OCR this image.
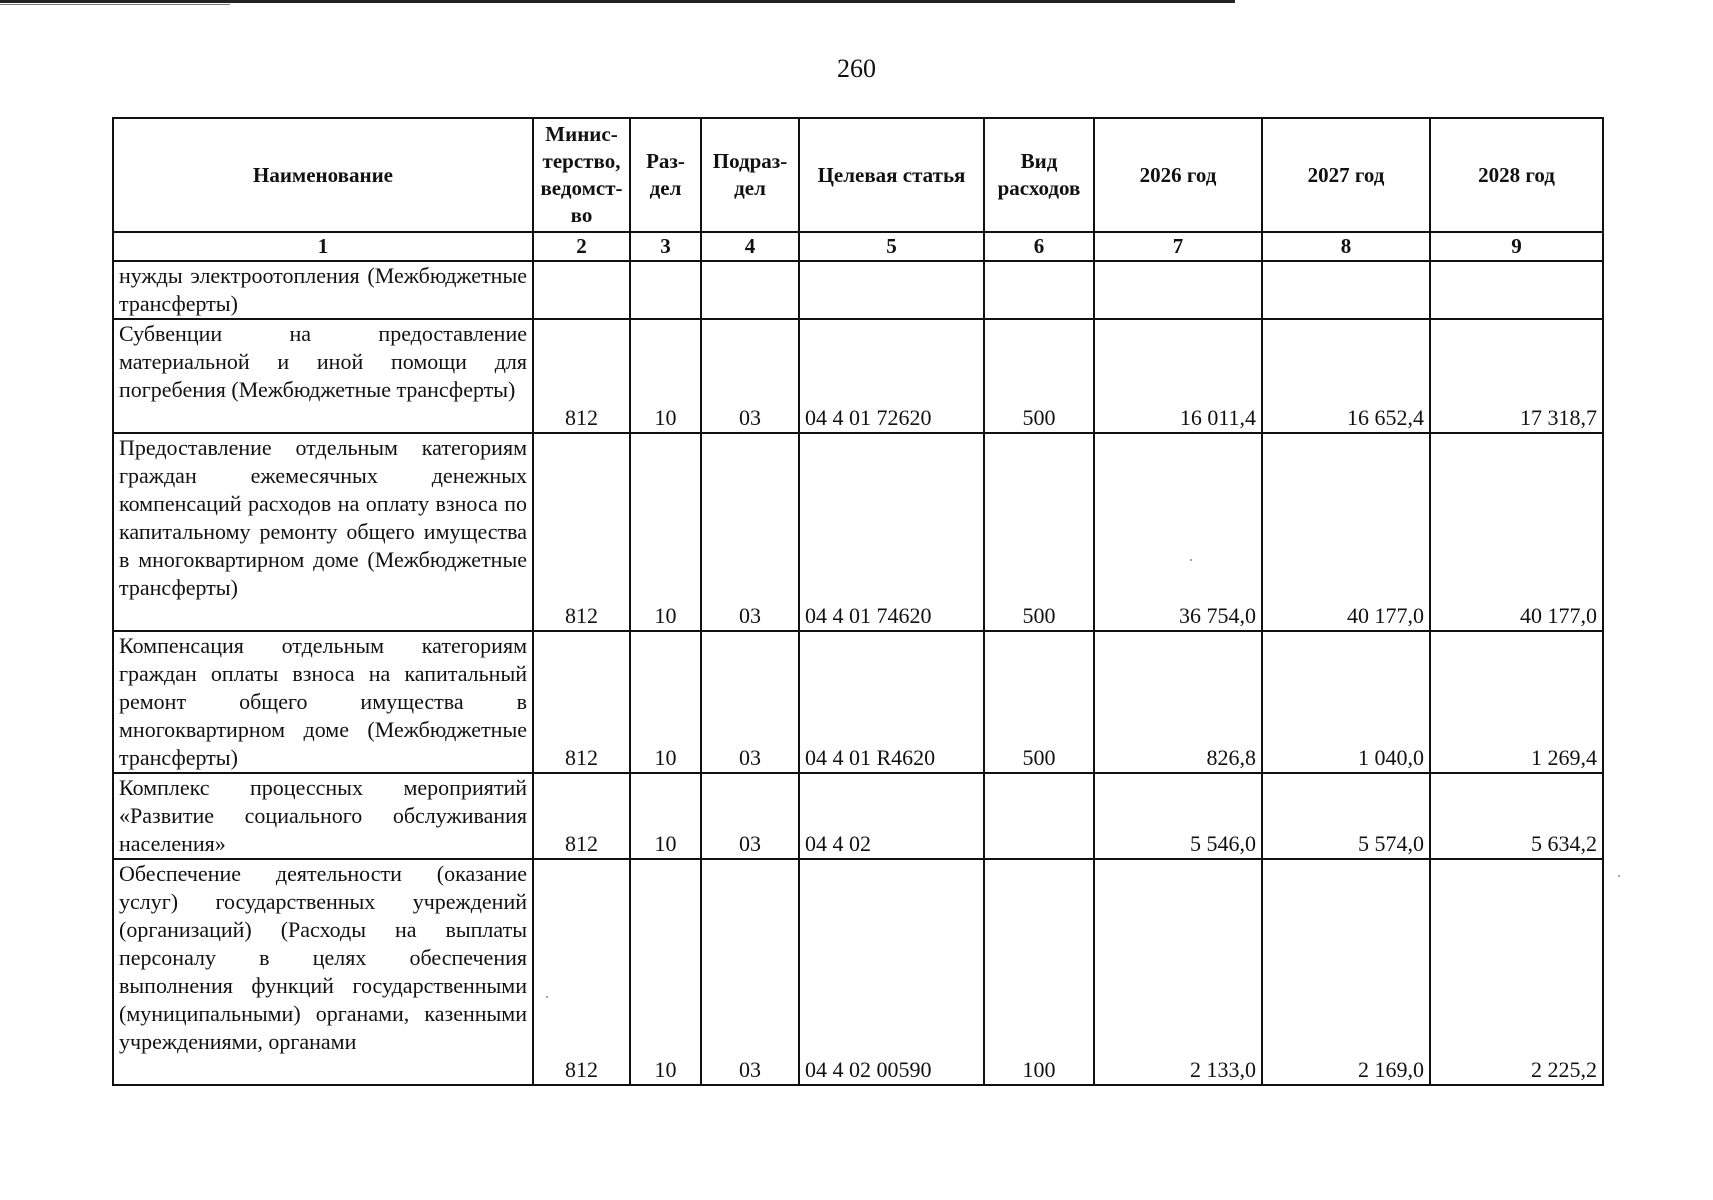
260
Наименование	Минис-терство, ведомст-во	Раз-дел	Подраз-дел	Целевая статья	Вид расходов	2026 год	2027 год	2028 год
1	2	3	4	5	6	7	8	9
нужды электроотопления (Межбюджетные трансферты)								
Субвенции на предоставление материальной и иной помощи для погребения (Межбюджетные трансферты)	812	10	03	04 4 01 72620	500	16 011,4	16 652,4	17 318,7
Предоставление отдельным категориям граждан ежемесячных денежных компенсаций расходов на оплату взноса по капитальному ремонту общего имущества в многоквартирном доме (Межбюджетные трансферты)	812	10	03	04 4 01 74620	500	36 754,0	40 177,0	40 177,0
Компенсация отдельным категориям граждан оплаты взноса на капитальный ремонт общего имущества в многоквартирном доме (Межбюджетные трансферты)	812	10	03	04 4 01 R4620	500	826,8	1 040,0	1 269,4
Комплекс процессных мероприятий «Развитие социального обслуживания населения»	812	10	03	04 4 02		5 546,0	5 574,0	5 634,2
Обеспечение деятельности (оказание услуг) государственных учреждений (организаций) (Расходы на выплаты персоналу в целях обеспечения выполнения функций государственными (муниципальными) органами, казенными учреждениями, органами	812	10	03	04 4 02 00590	100	2 133,0	2 169,0	2 225,2
